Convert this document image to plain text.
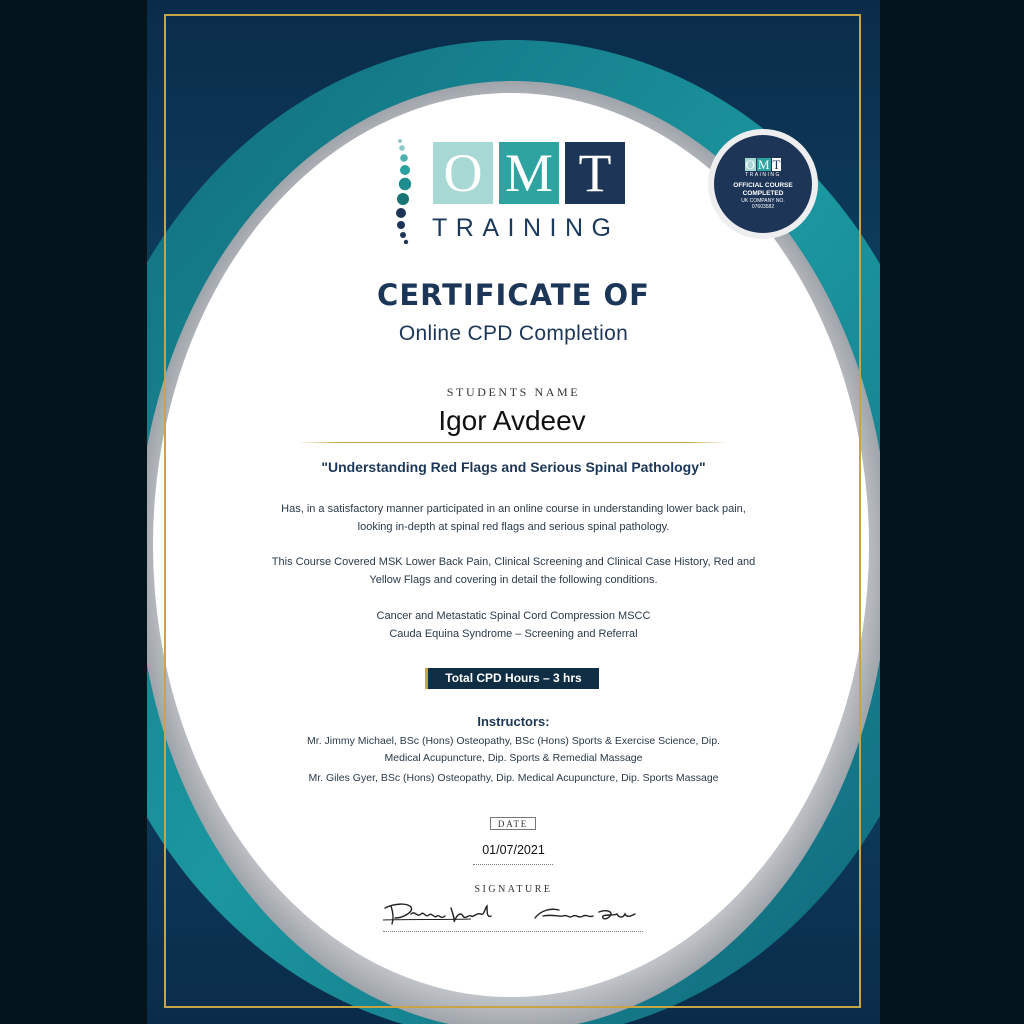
O M T
TRAINING
O M T
TRAINING
OFFICIAL COURSE
COMPLETED
UK COMPANY NO.
07603582
CERTIFICATE OF
Online CPD Completion
STUDENTS NAME
Igor Avdeev
"Understanding Red Flags and Serious Spinal Pathology"
Has, in a satisfactory manner participated in an online course in understanding lower back pain,
looking in-depth at spinal red flags and serious spinal pathology.
This Course Covered MSK Lower Back Pain, Clinical Screening and Clinical Case History, Red and
Yellow Flags and covering in detail the following conditions.
Cancer and Metastatic Spinal Cord Compression MSCC
Cauda Equina Syndrome – Screening and Referral
Total CPD Hours – 3 hrs
Instructors:
Mr. Jimmy Michael, BSc (Hons) Osteopathy, BSc (Hons) Sports & Exercise Science, Dip.
Medical Acupuncture, Dip. Sports & Remedial Massage
Mr. Giles Gyer, BSc (Hons) Osteopathy, Dip. Medical Acupuncture, Dip. Sports Massage
DATE
01/07/2021
SIGNATURE
